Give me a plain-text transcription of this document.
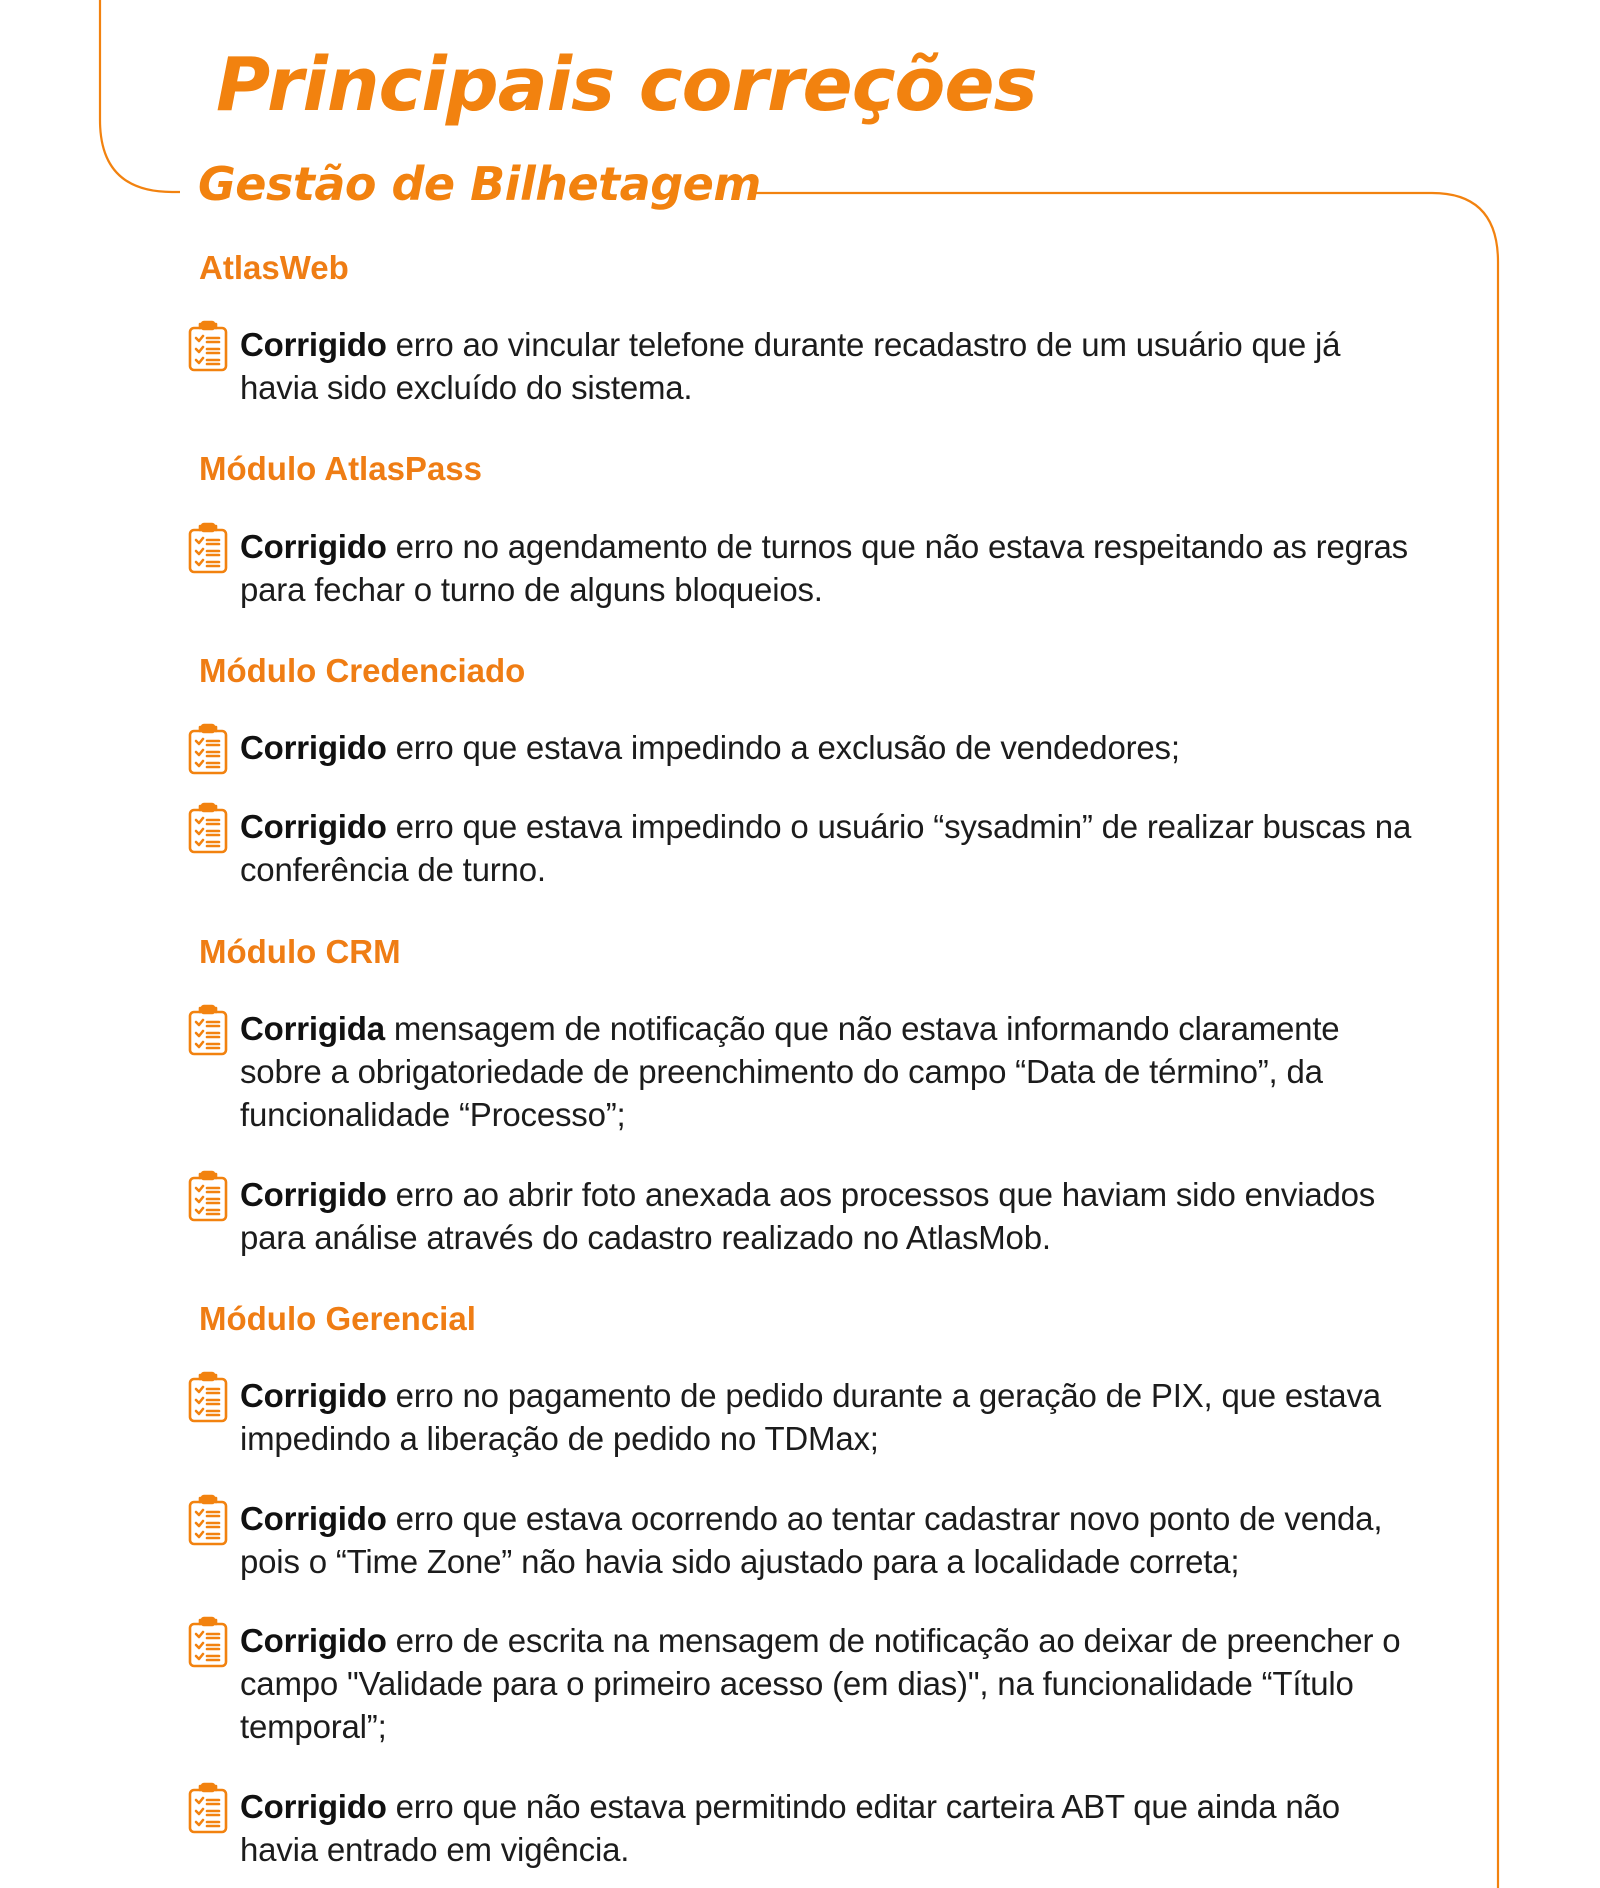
Principais correções
Gestão de Bilhetagem
AtlasWeb

Corrigido erro ao vincular telefone durante recadastro de um usuário que já havia sido excluído do sistema.

Módulo AtlasPass

Corrigido erro no agendamento de turnos que não estava respeitando as regras para fechar o turno de alguns bloqueios.

Módulo Credenciado

Corrigido erro que estava impedindo a exclusão de vendedores;

Corrigido erro que estava impedindo o usuário “sysadmin” de realizar buscas na conferência de turno.

Módulo CRM

Corrigida mensagem de notificação que não estava informando claramente sobre a obrigatoriedade de preenchimento do campo “Data de término”, da funcionalidade “Processo”;

Corrigido erro ao abrir foto anexada aos processos que haviam sido enviados para análise através do cadastro realizado no AtlasMob.

Módulo Gerencial

Corrigido erro no pagamento de pedido durante a geração de PIX, que estava impedindo a liberação de pedido no TDMax;

Corrigido erro que estava ocorrendo ao tentar cadastrar novo ponto de venda, pois o “Time Zone” não havia sido ajustado para a localidade correta;

Corrigido erro de escrita na mensagem de notificação ao deixar de preencher o campo "Validade para o primeiro acesso (em dias)", na funcionalidade “Título temporal”;

Corrigido erro que não estava permitindo editar carteira ABT que ainda não havia entrado em vigência.
